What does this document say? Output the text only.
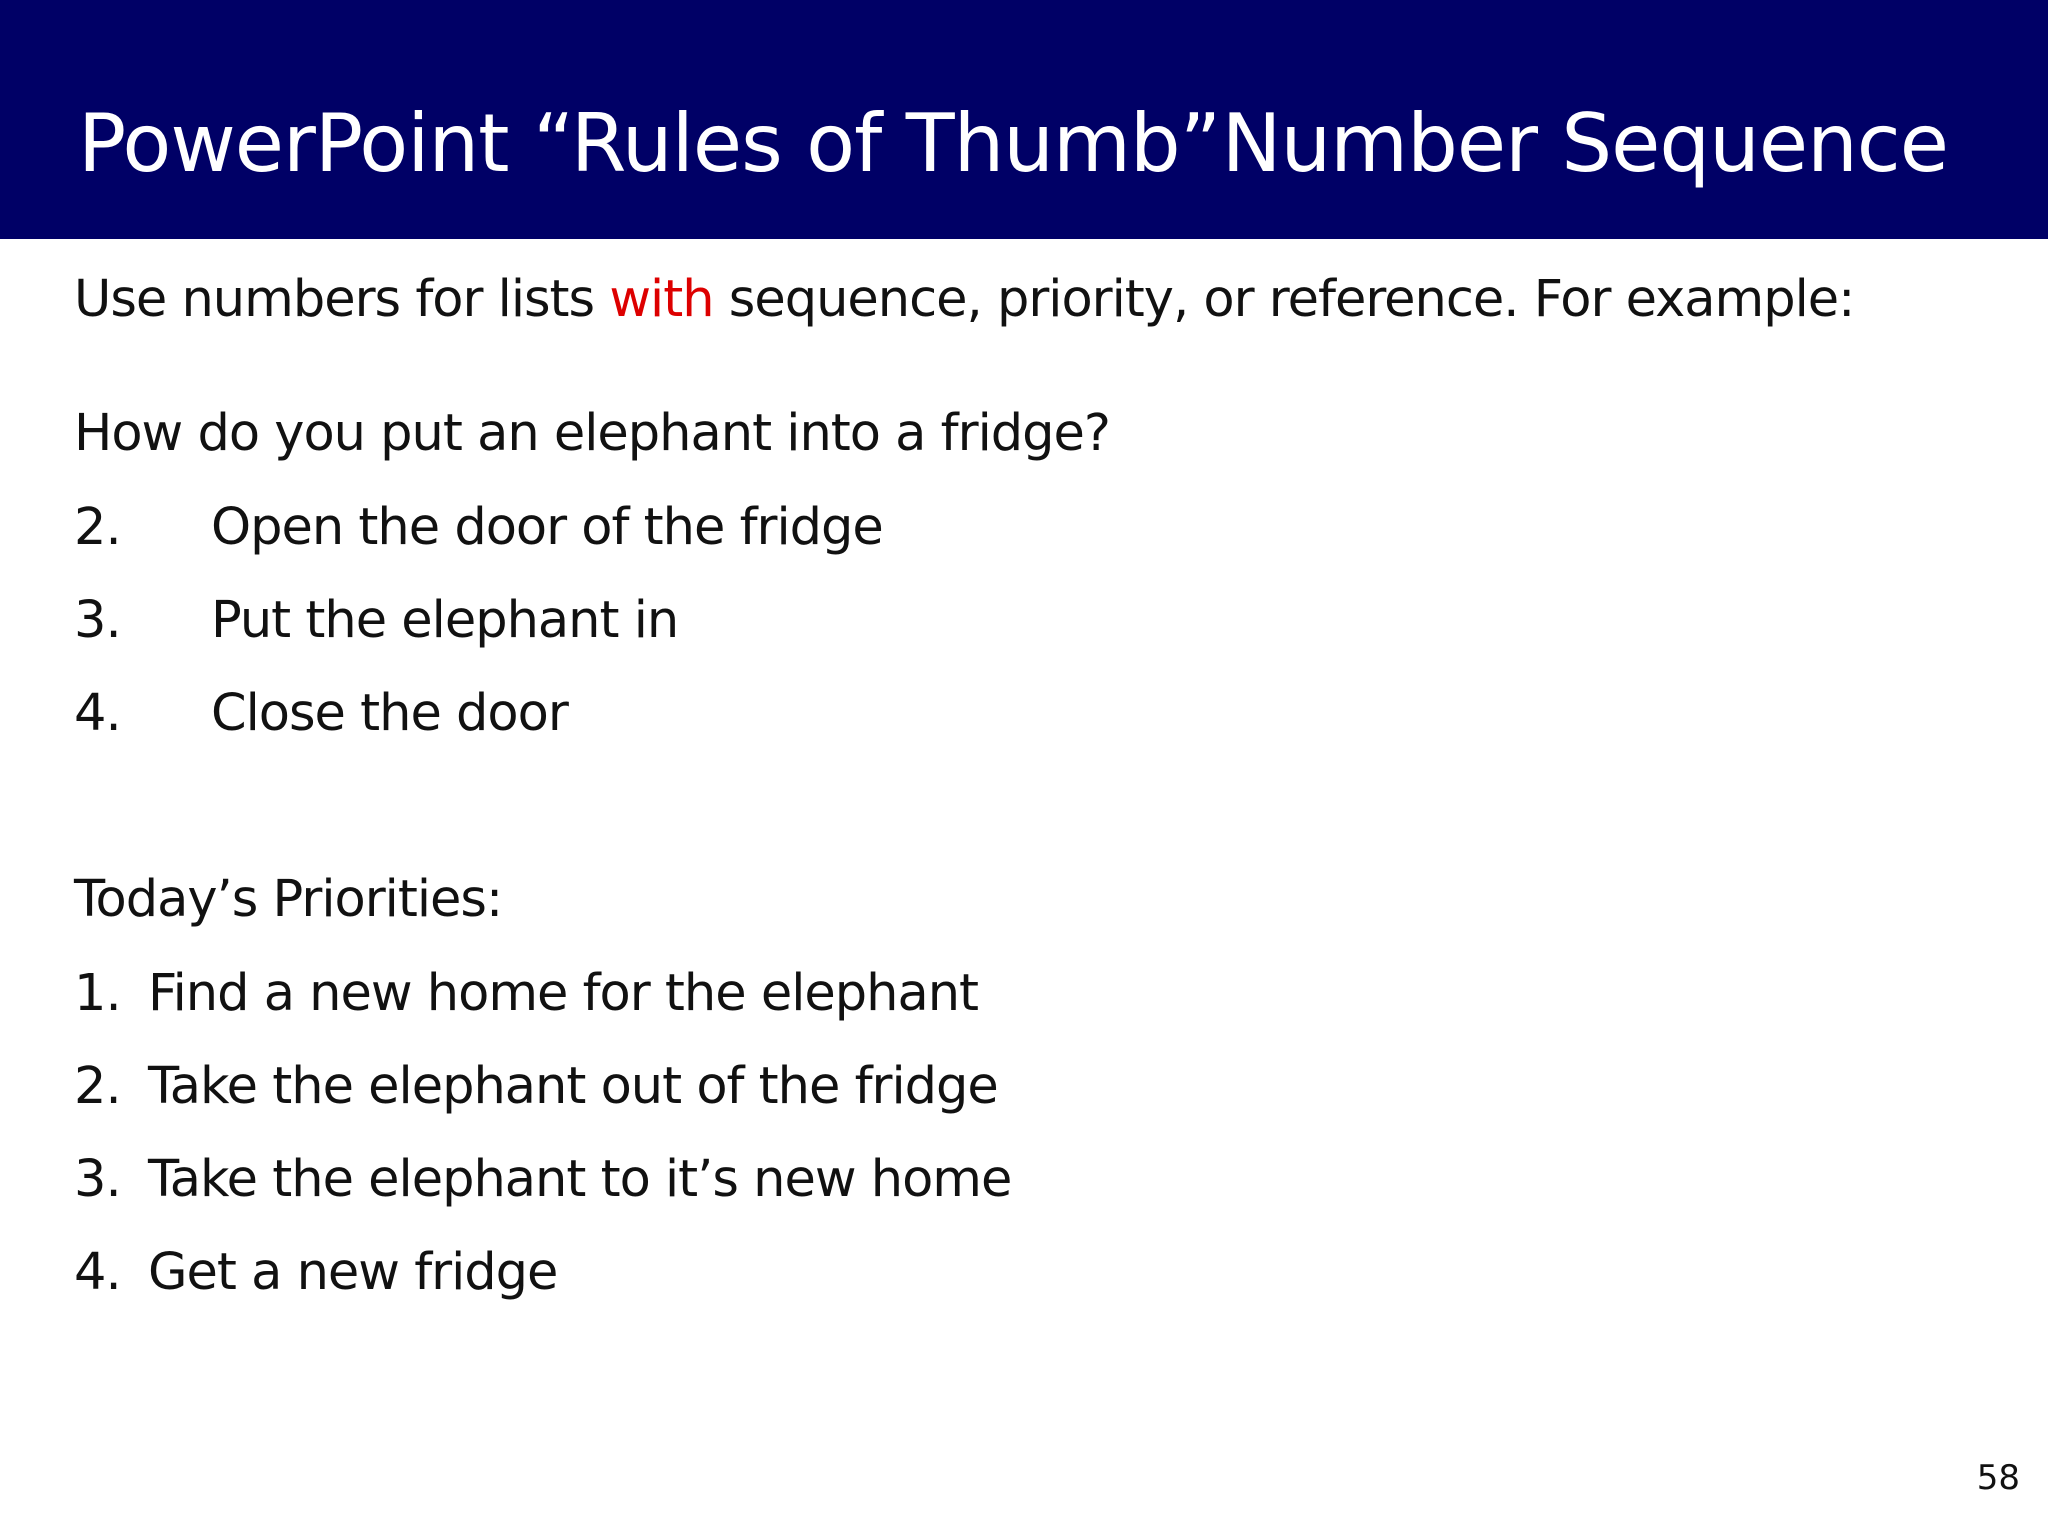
PowerPoint “Rules of Thumb” Number Sequence
Use numbers for lists with sequence, priority, or reference. For example:
How do you put an elephant into a fridge?
2. Open the door of the fridge
3. Put the elephant in
4. Close the door
Today’s Priorities:
1. Find a new home for the elephant
2. Take the elephant out of the fridge
3. Take the elephant to it’s new home
4. Get a new fridge
58
